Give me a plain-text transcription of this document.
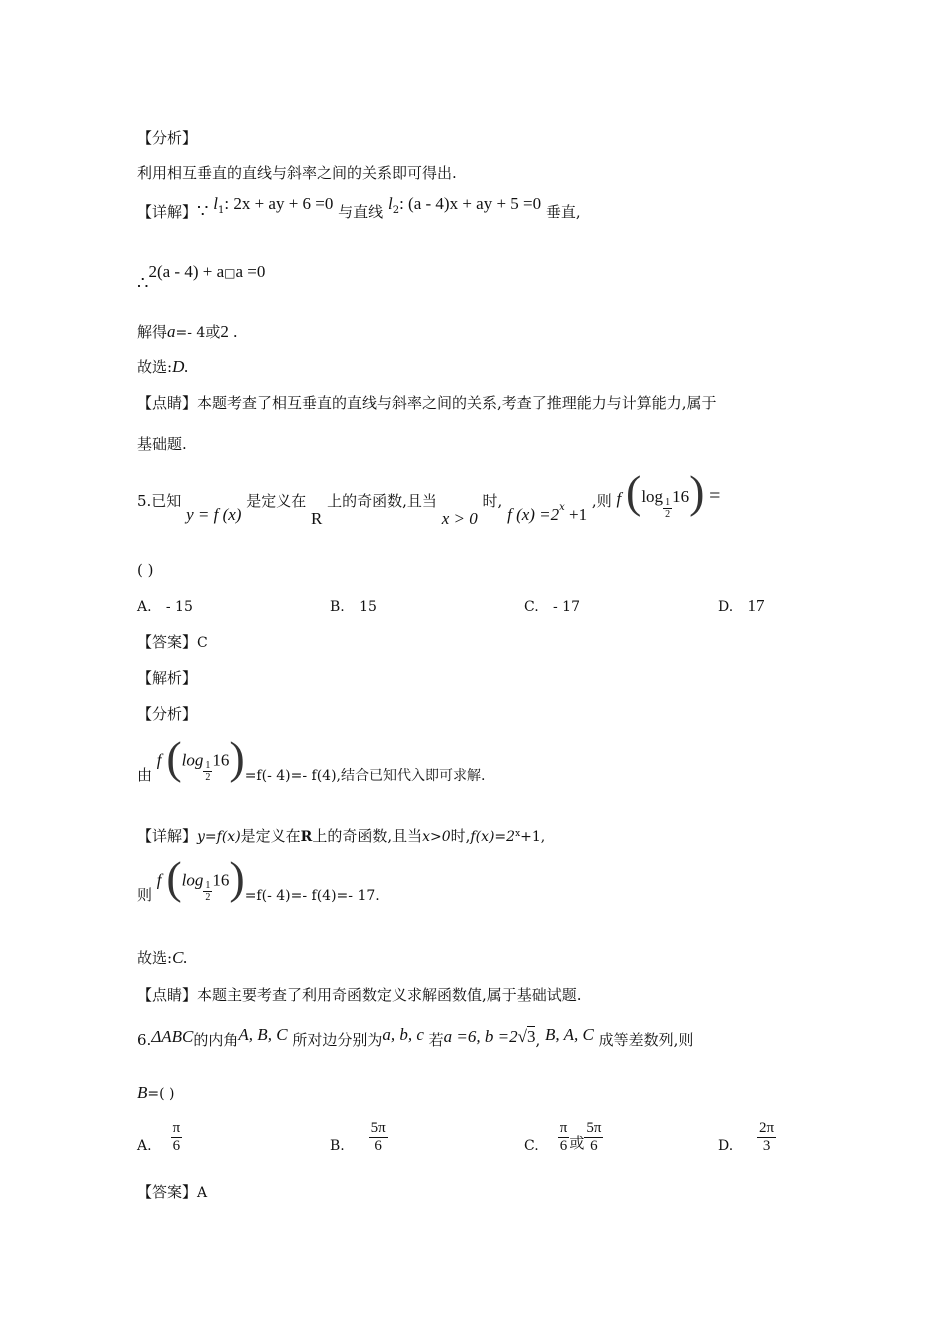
【分析】
利用相互垂直的直线与斜率之间的关系即可得出.
【详解】∵ $l^1$: 2x + ay + 6 =0 与直线 $l^2$: (a - 4)x + ay + 5 =0 垂直,
∴2(a - 4) + a□a =0
解得a=- 4或2 .
故选:D.
【点睛】本题考查了相互垂直的直线与斜率之间的关系,考查了推理能力与计算能力,属于
基础题.
5.已知 y = f (x) 是定义在 R 上的奇函数,且当 x > 0 时, f $(x) =2_x +1$ ,则 f $(\log \frac{1}{2} 16)$ =
( )
A. - 15	B. 15	C. - 17	D. 17
【答案】C
【解析】
【分析】
由 f $(\log \frac{1}{2} 16)=f(-$ 4)=- f(4),结合已知代入即可求解.
【详解】y=f(x)是定义在R上的奇函数,且当x>0时$,f(x)=2^x+1$,
则 f $(\log \frac{1}{2} 16)=f(-$ 4)=- f(4)=- 17.
故选:C.
【点睛】本题主要考查了利用奇函数定义求解函数值,属于基础试题.
6.ΔABC的内角A, B, C 所对边分别为a, b, c 若a =6, b =2√3, B, A, C 成等差数列,则
B=( )
A. $\frac{\pi}{6}$	B. $\frac{5\pi}{6}$	C. $\frac{\pi}{6}$ 或 $\frac{5\pi}{6}$	D. $\frac{2\pi}{3}$
【答案】A
